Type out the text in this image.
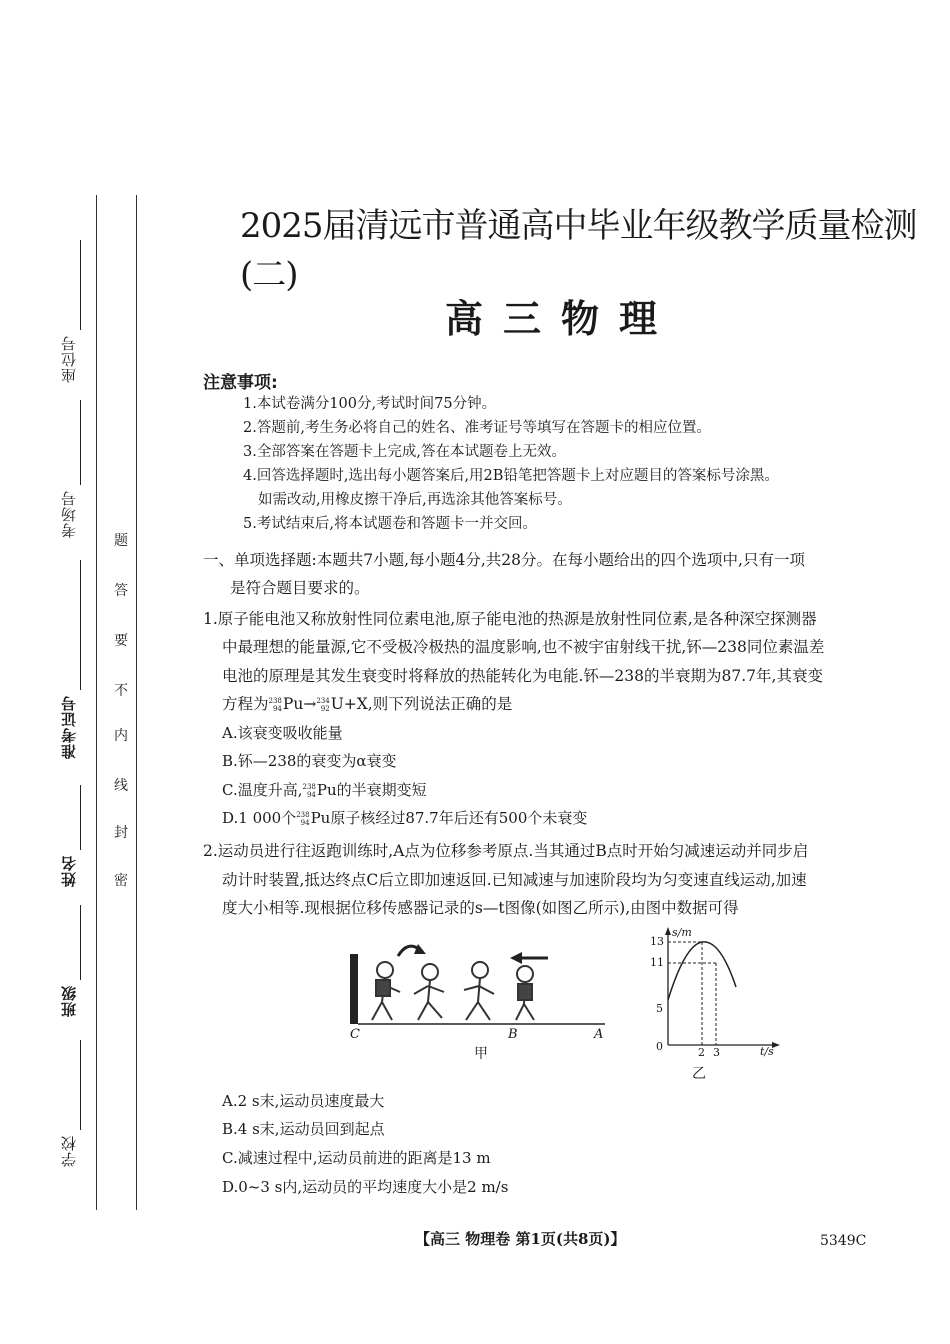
座位号
考场号
准考证号
姓名
班级
学校
题
答
要
不
内
线
封
密
2025届清远市普通高中毕业年级教学质量检测(二)
高三物理
注意事项:
1.本试卷满分100分,考试时间75分钟。
2.答题前,考生务必将自己的姓名、准考证号等填写在答题卡的相应位置。
3.全部答案在答题卡上完成,答在本试题卷上无效。
4.回答选择题时,选出每小题答案后,用2B铅笔把答题卡上对应题目的答案标号涂黑。
如需改动,用橡皮擦干净后,再选涂其他答案标号。
5.考试结束后,将本试题卷和答题卡一并交回。
一、单项选择题:本题共7小题,每小题4分,共28分。在每小题给出的四个选项中,只有一项
是符合题目要求的。
1.原子能电池又称放射性同位素电池,原子能电池的热源是放射性同位素,是各种深空探测器
中最理想的能量源,它不受极冷极热的温度影响,也不被宇宙射线干扰,钚—238同位素温差
电池的原理是其发生衰变时将释放的热能转化为电能.钚—238的半衰期为87.7年,其衰变
方程为238
94Pu→234
92U+X,则下列说法正确的是
A.该衰变吸收能量
B.钚—238的衰变为α衰变
C.温度升高,238
94Pu的半衰期变短
D.1 000个238
94Pu原子核经过87.7年后还有500个未衰变
2.运动员进行往返跑训练时,A点为位移参考原点.当其通过B点时开始匀减速运动并同步启
动计时装置,抵达终点C后立即加速返回.已知减速与加速阶段均为匀变速直线运动,加速
度大小相等.现根据位移传感器记录的s—t图像(如图乙所示),由图中数据可得
C	B	A
甲
s/m
t/s
13
11
5
0	2 3
乙
A.2 s末,运动员速度最大
B.4 s末,运动员回到起点
C.减速过程中,运动员前进的距离是13 m
D.0~3 s内,运动员的平均速度大小是2 m/s
【高三 物理卷 第1页(共8页)】	5349C
